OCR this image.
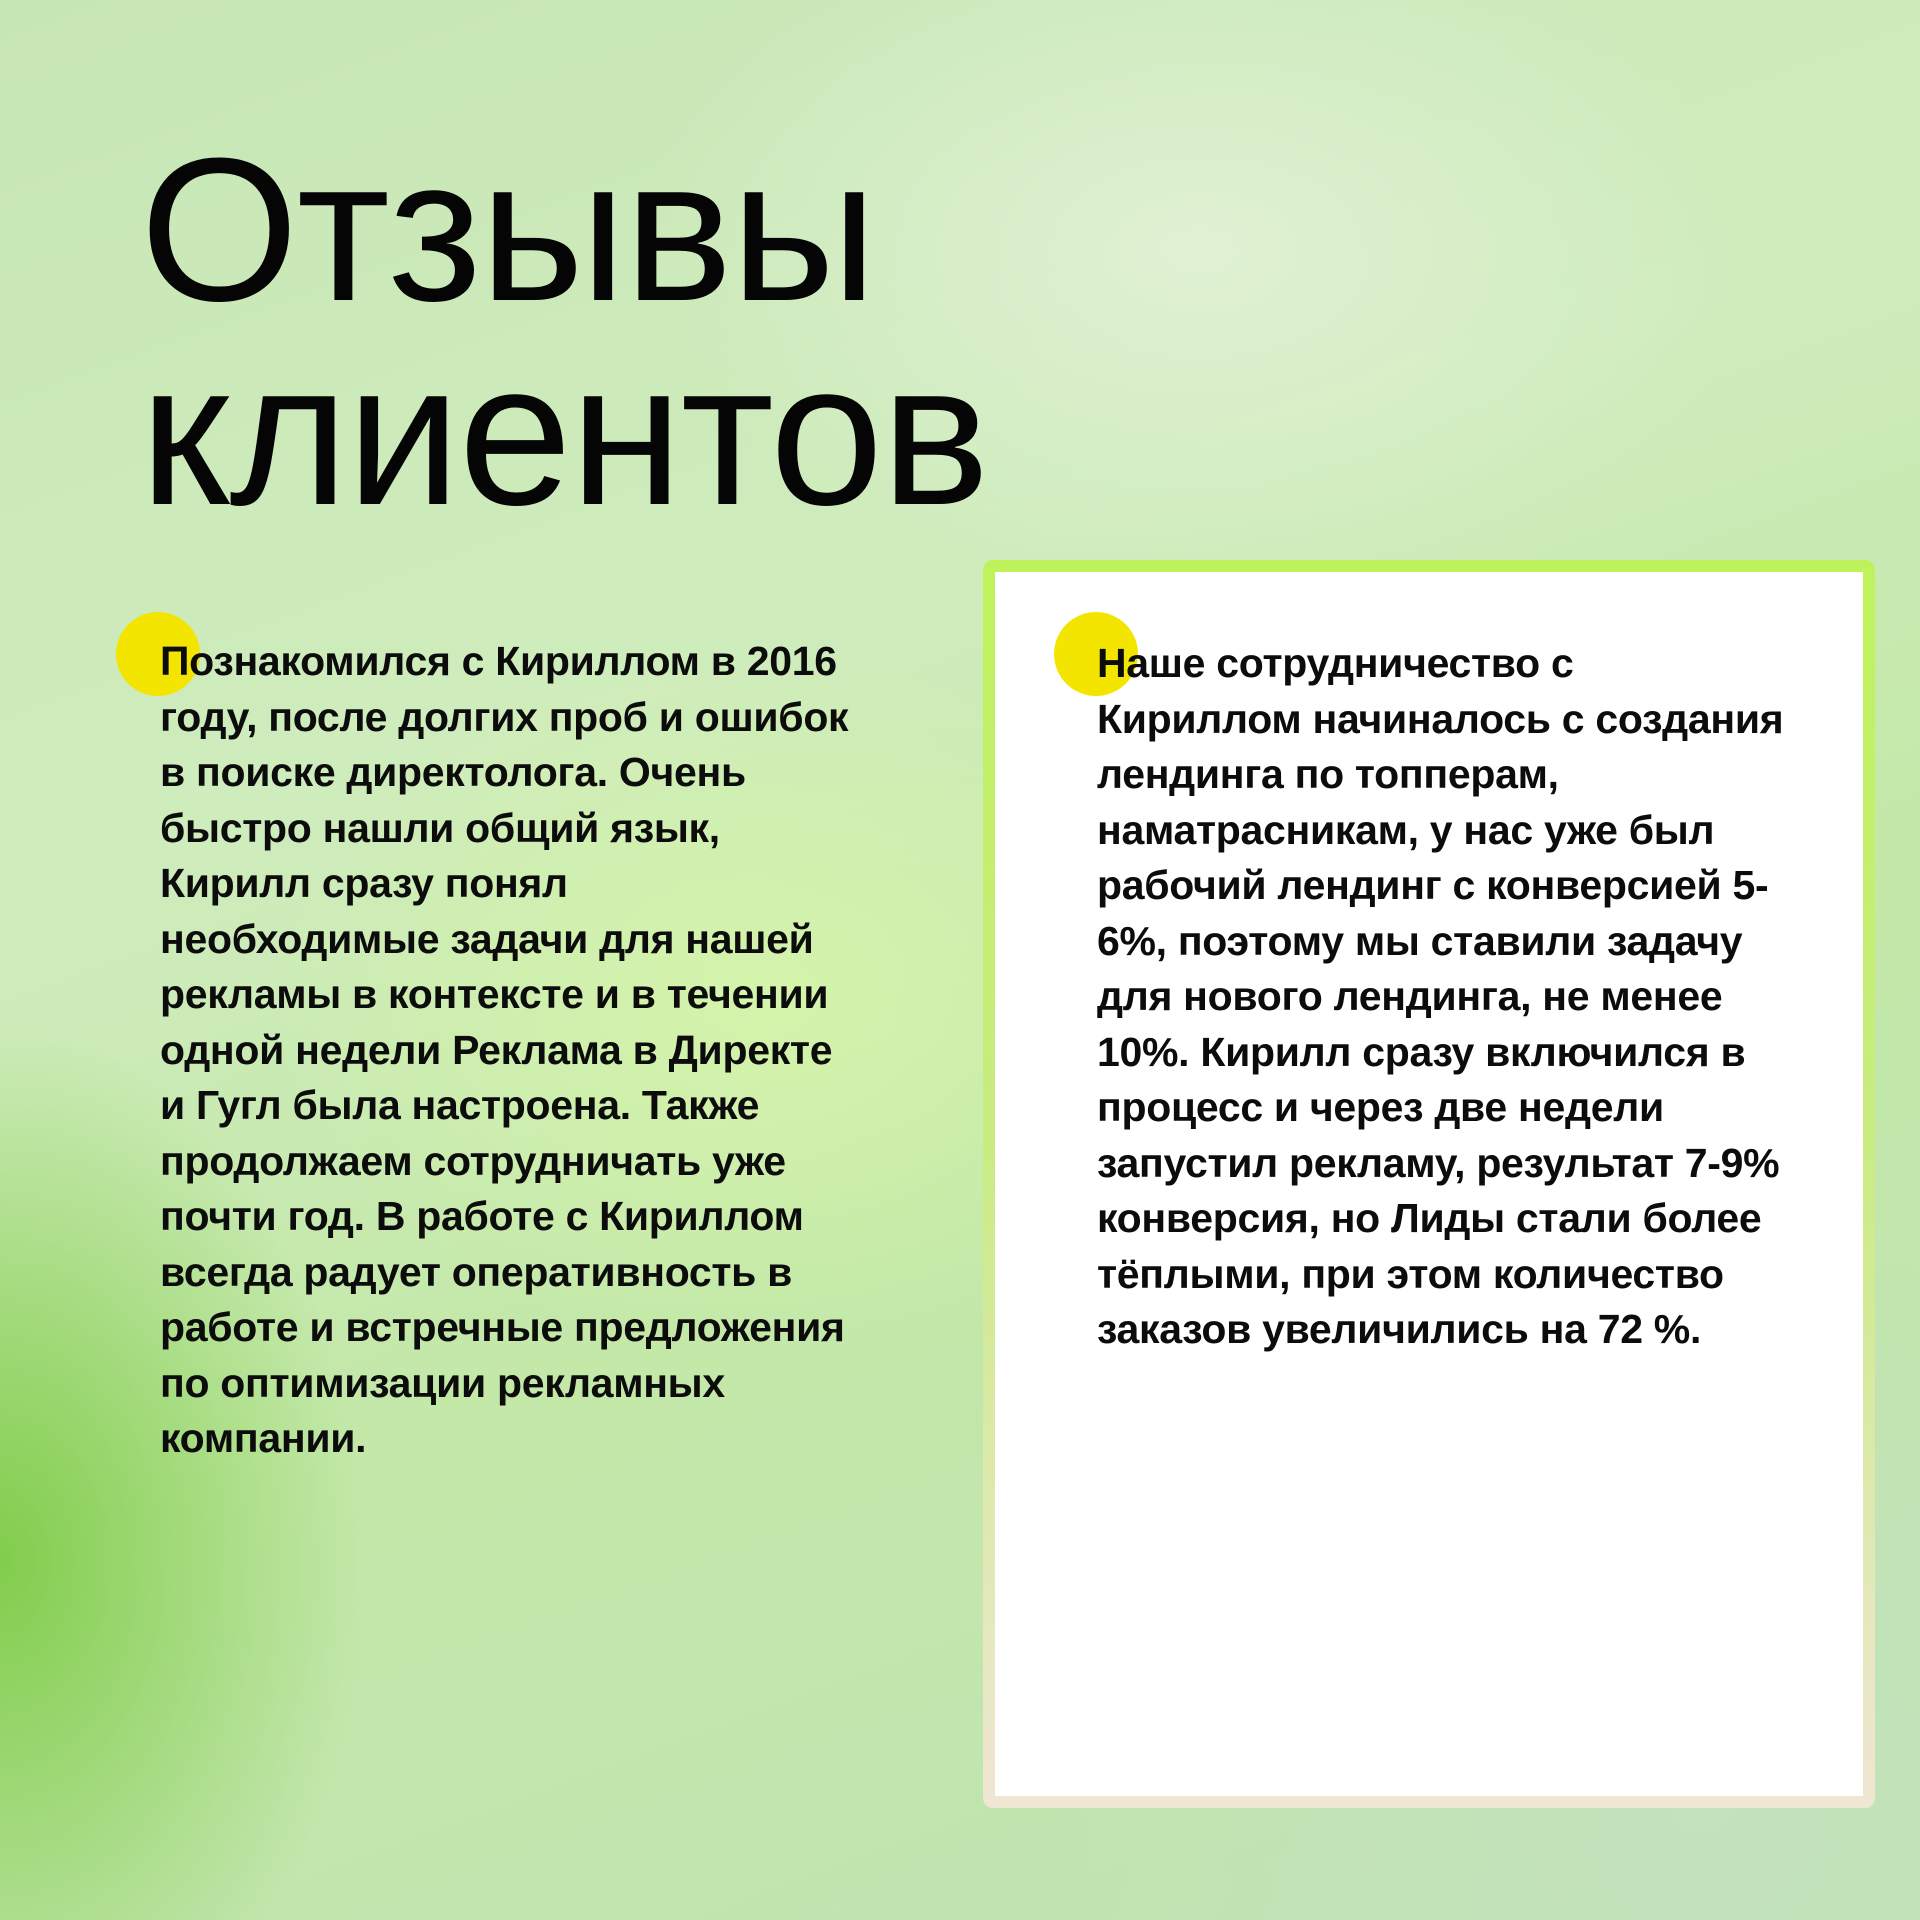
Отзывы
клиентов

Познакомился с Кириллом в 2016 году, после долгих проб и ошибок в поиске директолога. Очень быстро нашли общий язык, Кирилл сразу понял необходимые задачи для нашей рекламы в контексте и в течении одной недели Реклама в Директе и Гугл была настроена. Также продолжаем сотрудничать уже почти год. В работе с Кириллом всегда радует оперативность в работе и встречные предложения по оптимизации рекламных компании.

Наше сотрудничество с Кириллом начиналось с создания лендинга по топперам, наматрасникам, у нас уже был рабочий лендинг с конверсией 5-6%, поэтому мы ставили задачу для нового лендинга, не менее 10%. Кирилл сразу включился в процесс и через две недели запустил рекламу, результат 7-9% конверсия, но Лиды стали более тёплыми, при этом количество заказов увеличились на 72 %.
